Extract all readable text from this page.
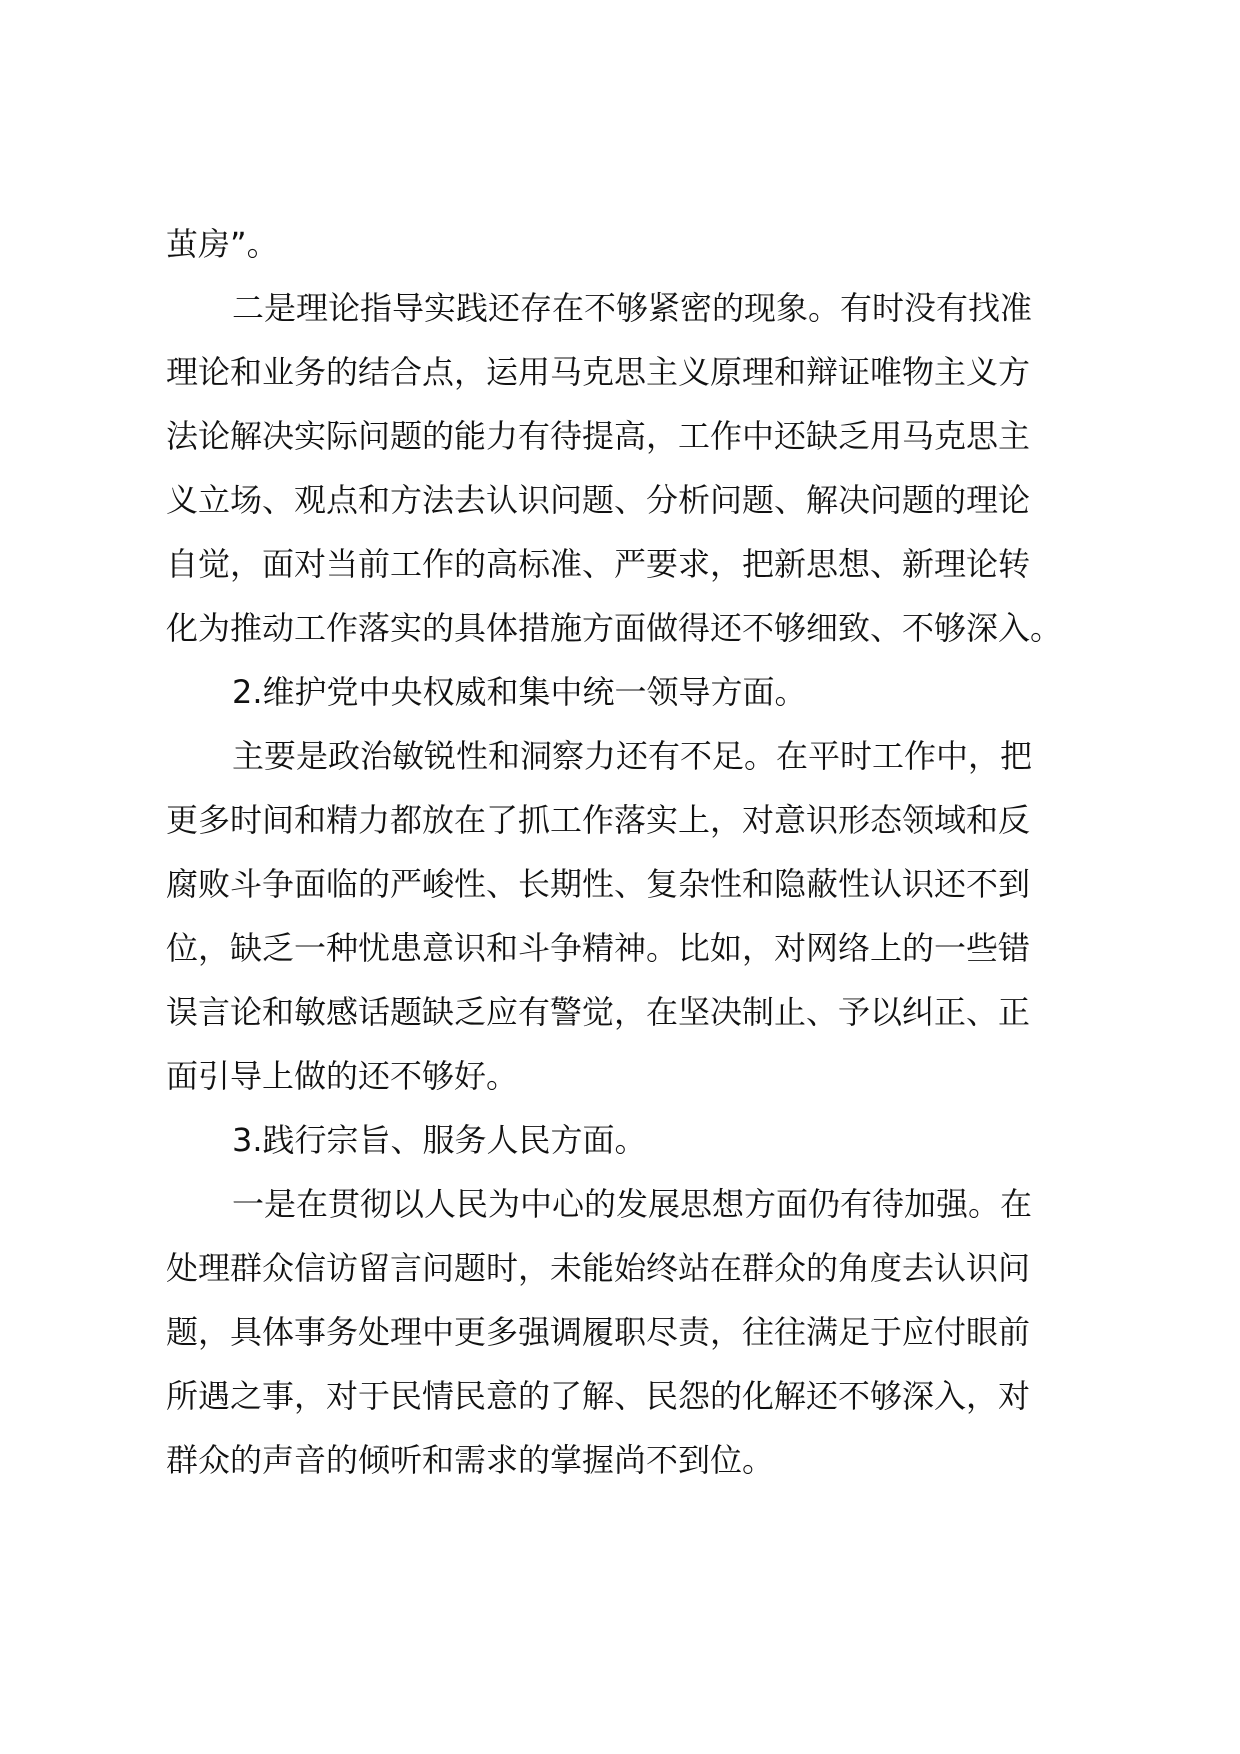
茧房”。
二是理论指导实践还存在不够紧密的现象。有时没有找准
理论和业务的结合点，运用马克思主义原理和辩证唯物主义方
法论解决实际问题的能力有待提高，工作中还缺乏用马克思主
义立场、观点和方法去认识问题、分析问题、解决问题的理论
自觉，面对当前工作的高标准、严要求，把新思想、新理论转
化为推动工作落实的具体措施方面做得还不够细致、不够深入。
2.维护党中央权威和集中统一领导方面。
主要是政治敏锐性和洞察力还有不足。在平时工作中，把
更多时间和精力都放在了抓工作落实上，对意识形态领域和反
腐败斗争面临的严峻性、长期性、复杂性和隐蔽性认识还不到
位，缺乏一种忧患意识和斗争精神。比如，对网络上的一些错
误言论和敏感话题缺乏应有警觉，在坚决制止、予以纠正、正
面引导上做的还不够好。
3.践行宗旨、服务人民方面。
一是在贯彻以人民为中心的发展思想方面仍有待加强。在
处理群众信访留言问题时，未能始终站在群众的角度去认识问
题，具体事务处理中更多强调履职尽责，往往满足于应付眼前
所遇之事，对于民情民意的了解、民怨的化解还不够深入，对
群众的声音的倾听和需求的掌握尚不到位。
